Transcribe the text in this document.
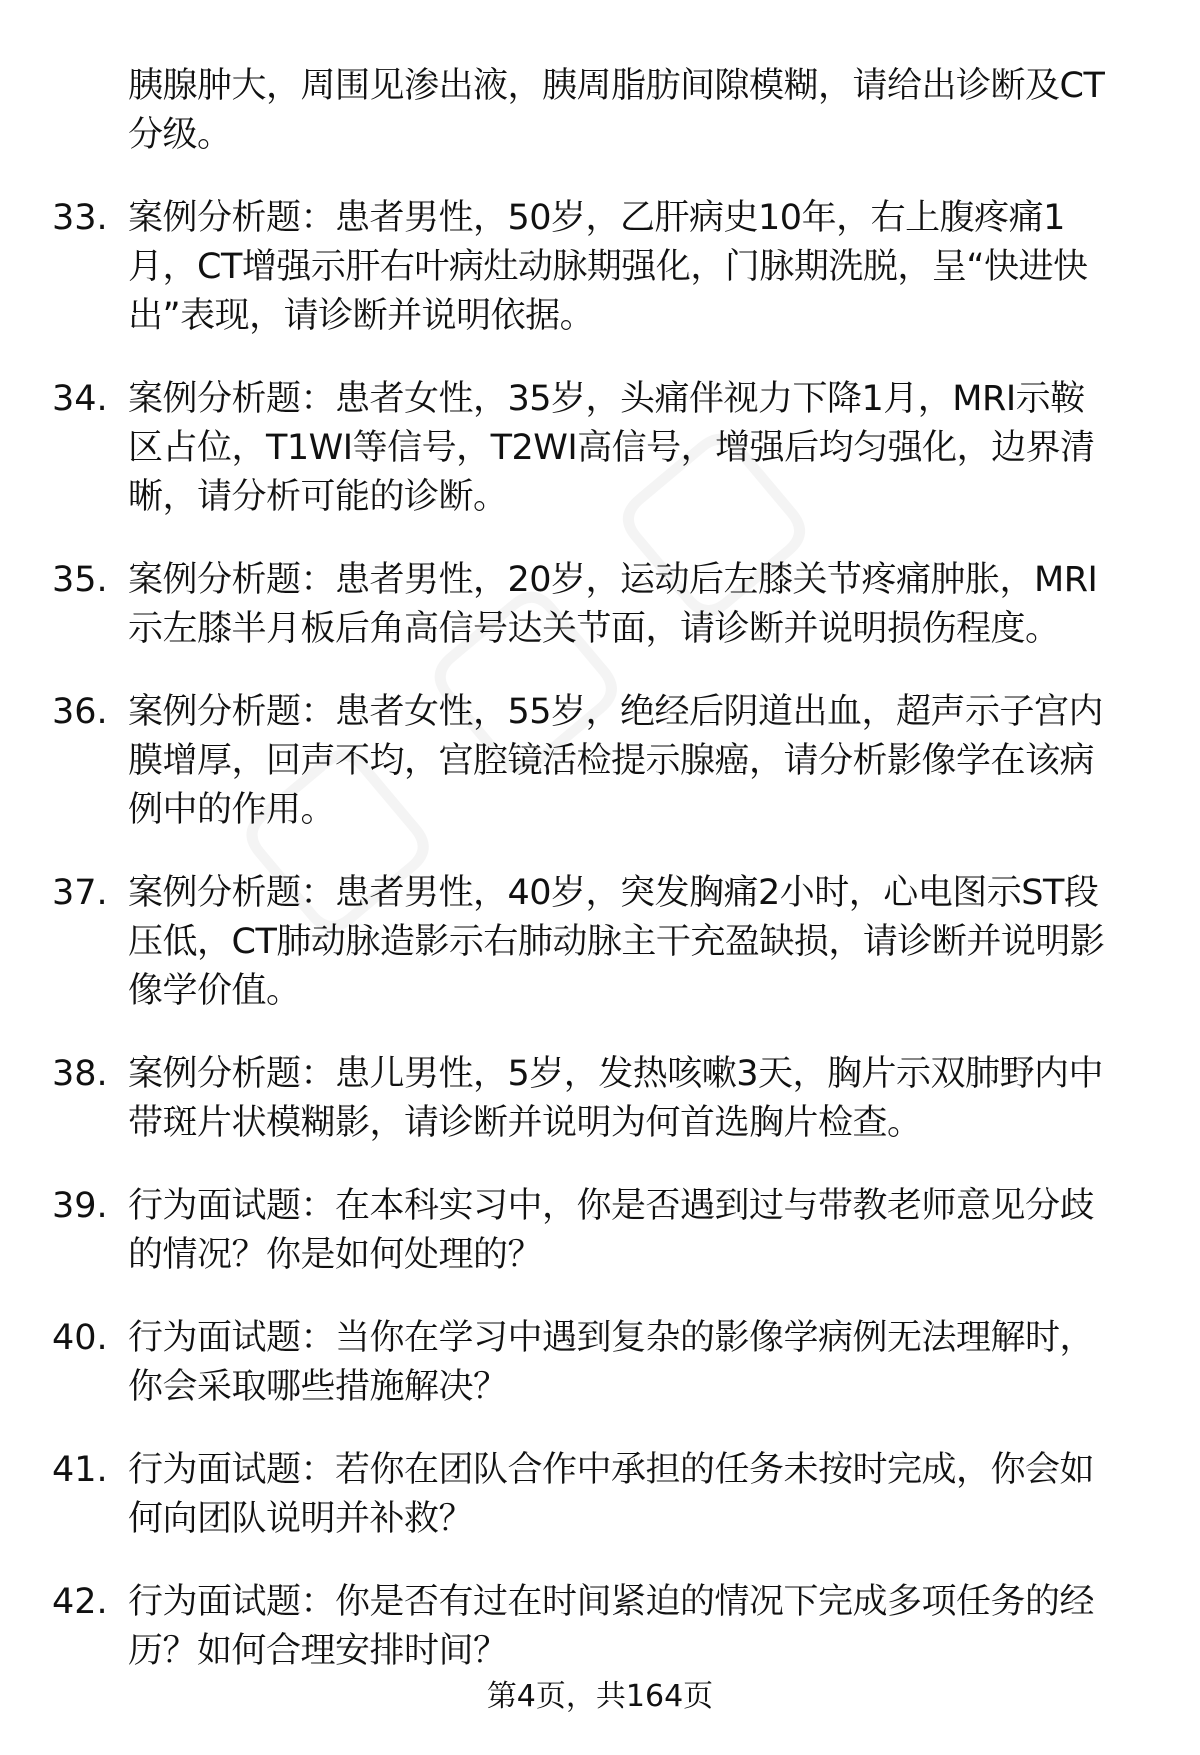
胰腺肿大，周围见渗出液，胰周脂肪间隙模糊，请给出诊断及CT
分级。
33. 案例分析题：患者男性，50岁，乙肝病史10年，右上腹疼痛1
月，CT增强示肝右叶病灶动脉期强化，门脉期洗脱，呈“快进快
出”表现，请诊断并说明依据。
34. 案例分析题：患者女性，35岁，头痛伴视力下降1月，MRI示鞍
区占位，T1WI等信号，T2WI高信号，增强后均匀强化，边界清
晰，请分析可能的诊断。
35. 案例分析题：患者男性，20岁，运动后左膝关节疼痛肿胀，MRI
示左膝半月板后角高信号达关节面，请诊断并说明损伤程度。
36. 案例分析题：患者女性，55岁，绝经后阴道出血，超声示子宫内
膜增厚，回声不均，宫腔镜活检提示腺癌，请分析影像学在该病
例中的作用。
37. 案例分析题：患者男性，40岁，突发胸痛2小时，心电图示ST段
压低，CT肺动脉造影示右肺动脉主干充盈缺损，请诊断并说明影
像学价值。
38. 案例分析题：患儿男性，5岁，发热咳嗽3天，胸片示双肺野内中
带斑片状模糊影，请诊断并说明为何首选胸片检查。
39. 行为面试题：在本科实习中，你是否遇到过与带教老师意见分歧
的情况？你是如何处理的？
40. 行为面试题：当你在学习中遇到复杂的影像学病例无法理解时，
你会采取哪些措施解决？
41. 行为面试题：若你在团队合作中承担的任务未按时完成，你会如
何向团队说明并补救？
42. 行为面试题：你是否有过在时间紧迫的情况下完成多项任务的经
历？如何合理安排时间？
第4页，共164页
